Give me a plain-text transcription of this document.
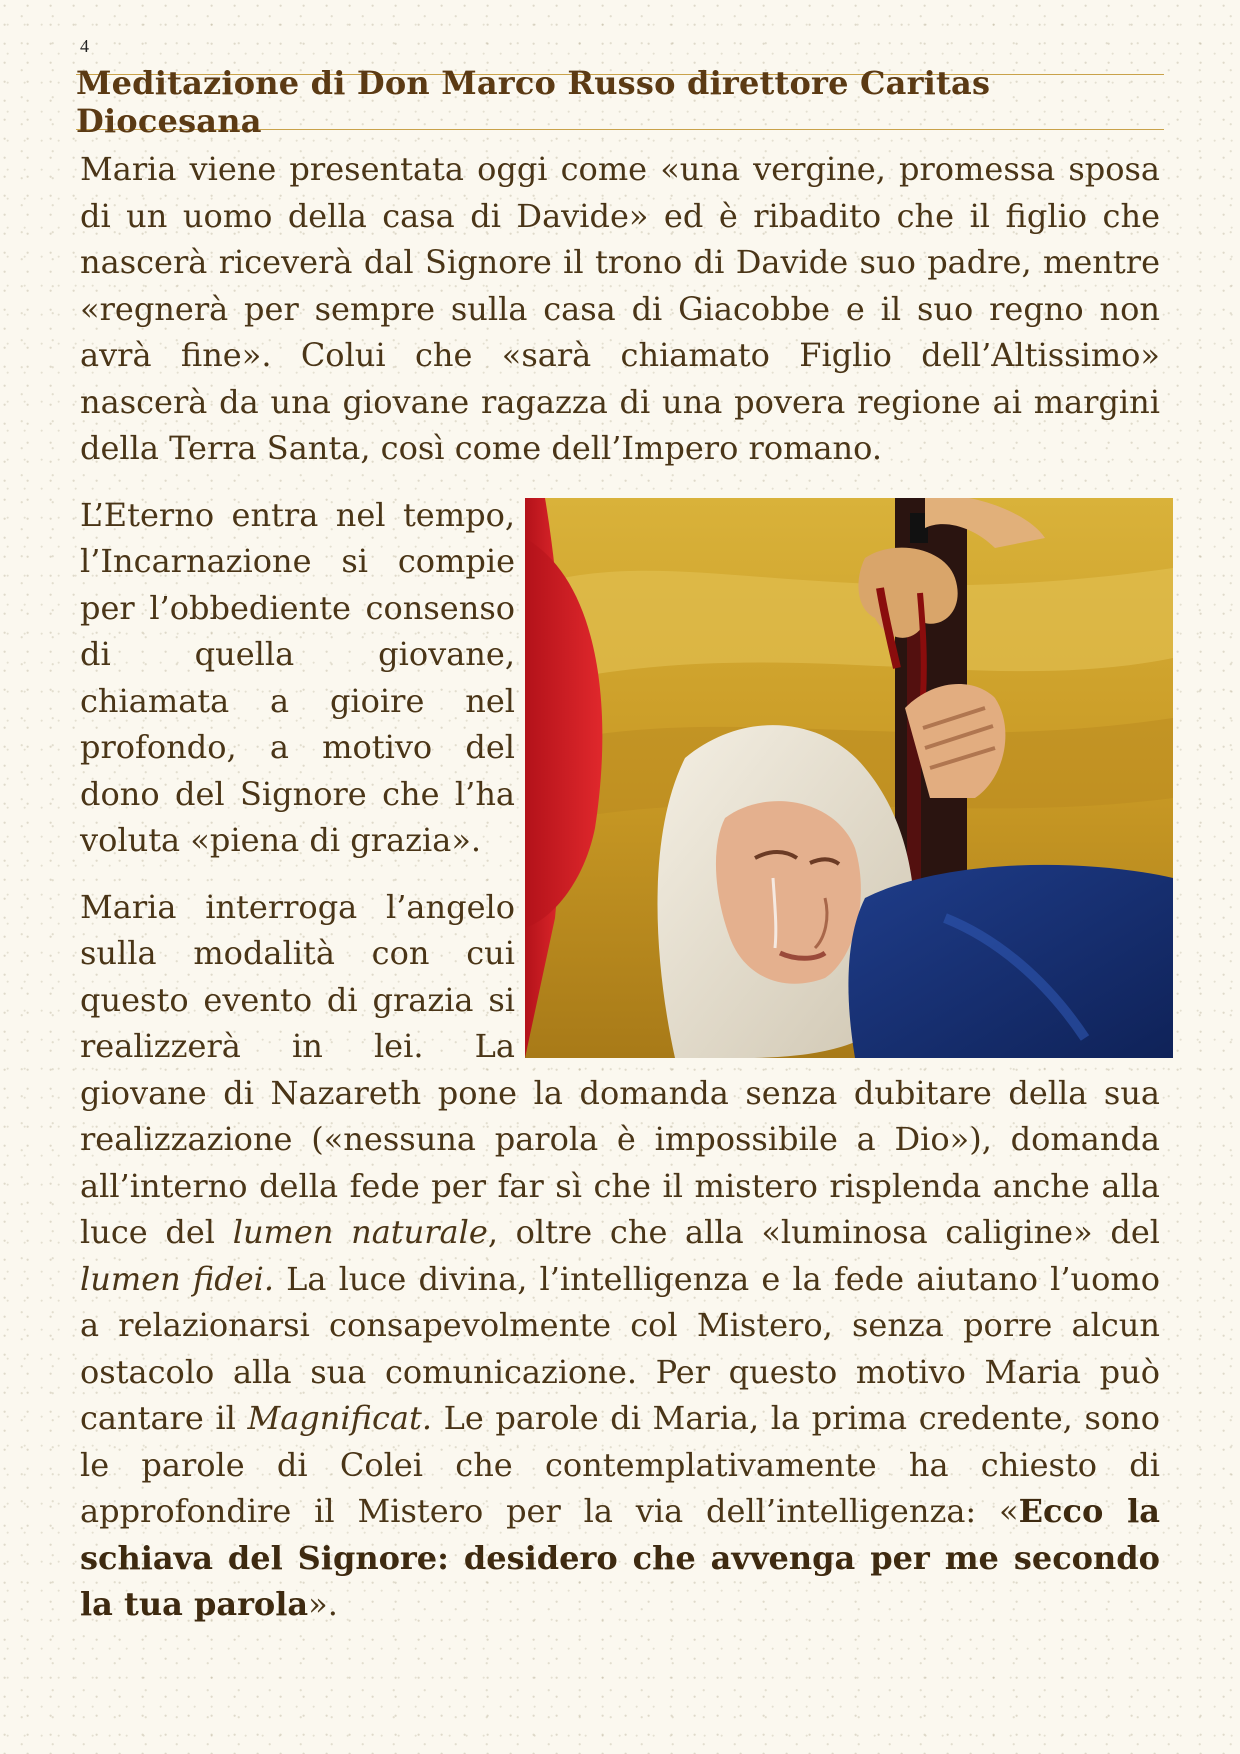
4
Meditazione di Don Marco Russo direttore Caritas Diocesana

Maria viene presentata oggi come «una vergine, promessa sposa di un uomo della casa di Davide» ed è ribadito che il figlio che nascerà riceverà dal Signore il trono di Davide suo padre, mentre «regnerà per sempre sulla casa di Giacobbe e il suo regno non avrà fine». Colui che «sarà chiamato Figlio dell’Altissimo» nascerà da una giovane ragazza di una povera regione ai margini della Terra Santa, così come dell’Impero romano.

L’Eterno entra nel tempo, l’Incarnazione si compie per l’obbediente consenso di quella giovane, chiamata a gioire nel profondo, a motivo del dono del Signore che l’ha voluta «piena di grazia».

Maria interroga l’angelo sulla modalità con cui questo evento di grazia si realizzerà in lei. La giovane di Nazareth pone la domanda senza dubitare della sua realizzazione («nessuna parola è impossibile a Dio»), domanda all’interno della fede per far sì che il mistero risplenda anche alla luce del lumen naturale, oltre che alla «luminosa caligine» del lumen fidei. La luce divina, l’intelligenza e la fede aiutano l’uomo a relazionarsi consapevolmente col Mistero, senza porre alcun ostacolo alla sua comunicazione. Per questo motivo Maria può cantare il Magnificat. Le parole di Maria, la prima credente, sono le parole di Colei che contemplativamente ha chiesto di approfondire il Mistero per la via dell’intelligenza: «Ecco la schiava del Signore: desidero che avvenga per me secondo la tua parola».
